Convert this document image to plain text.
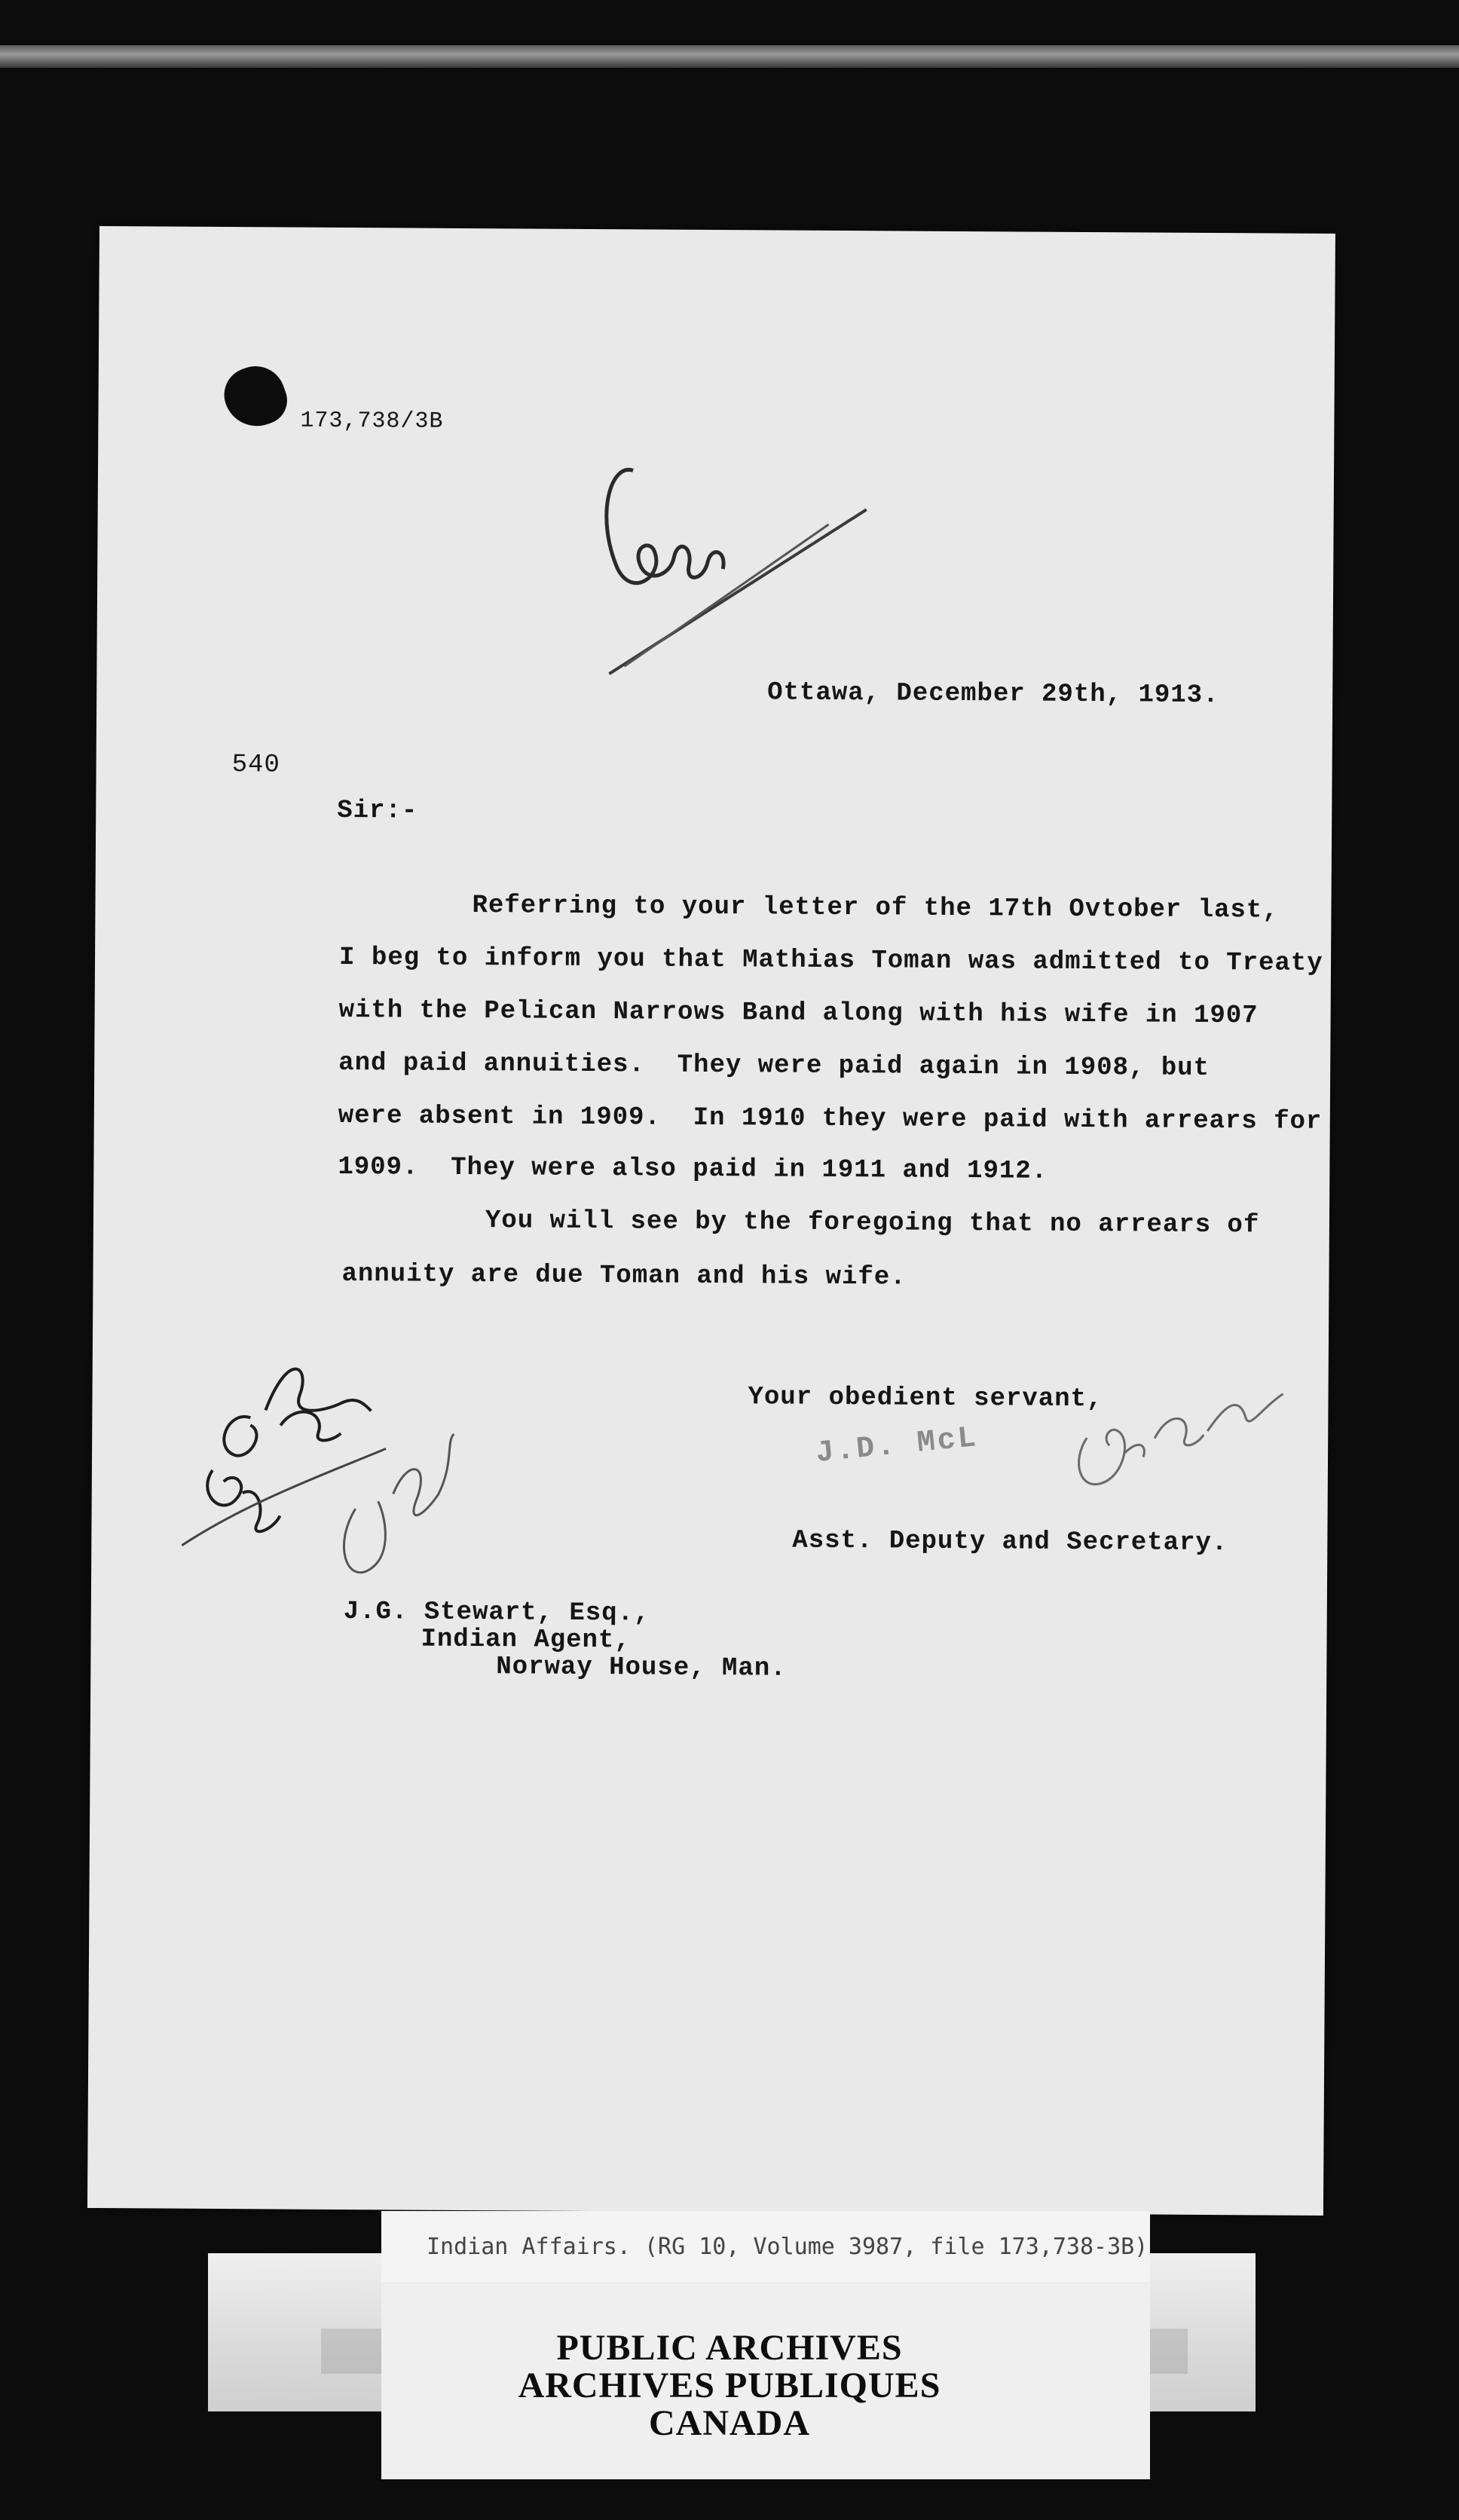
173,738/3B
Ottawa, December 29th, 1913.
540
Sir:-
Referring to your letter of the 17th Ovtober last,
I beg to inform you that Mathias Toman was admitted to Treaty
with the Pelican Narrows Band along with his wife in 1907
and paid annuities.  They were paid again in 1908, but
were absent in 1909.  In 1910 they were paid with arrears for
1909.  They were also paid in 1911 and 1912.
You will see by the foregoing that no arrears of
annuity are due Toman and his wife.
Your obedient servant,
J.D. McL
Asst. Deputy and Secretary.
J.G. Stewart, Esq.,
Indian Agent,
Norway House, Man.
Indian Affairs. (RG 10, Volume 3987, file 173,738-3B)
PUBLIC ARCHIVES
ARCHIVES PUBLIQUES
CANADA
